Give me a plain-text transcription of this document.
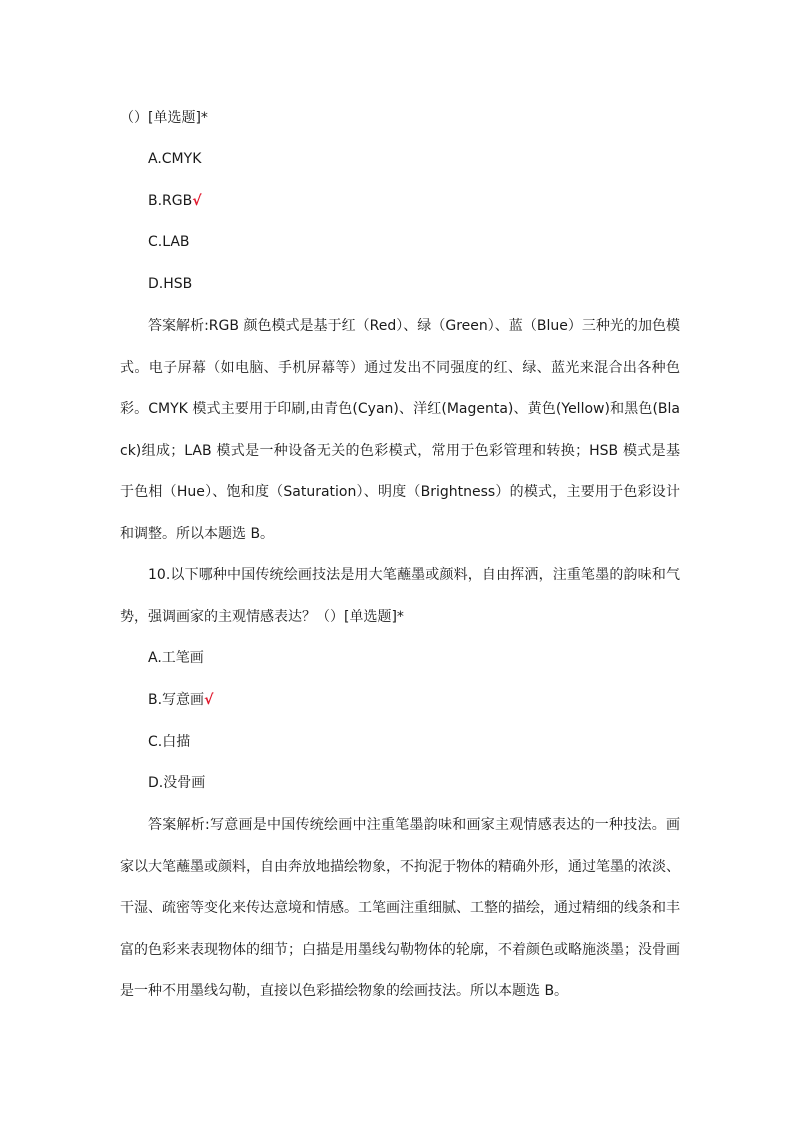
（）[单选题]*
A.CMYK
B.RGB√
C.LAB
D.HSB
答案解析:RGB 颜色模式是基于红（Red）、绿（Green）、蓝（Blue）三种光的加色模式。电子屏幕（如电脑、手机屏幕等）通过发出不同强度的红、绿、蓝光来混合出各种色彩。CMYK 模式主要用于印刷,由青色(Cyan)、洋红(Magenta)、黄色(Yellow)和黑色(Black)组成；LAB 模式是一种设备无关的色彩模式，常用于色彩管理和转换；HSB 模式是基于色相（Hue）、饱和度（Saturation）、明度（Brightness）的模式，主要用于色彩设计和调整。所以本题选 B。
10.以下哪种中国传统绘画技法是用大笔蘸墨或颜料，自由挥洒，注重笔墨的韵味和气势，强调画家的主观情感表达？（）[单选题]*
A.工笔画
B.写意画√
C.白描
D.没骨画
答案解析:写意画是中国传统绘画中注重笔墨韵味和画家主观情感表达的一种技法。画家以大笔蘸墨或颜料，自由奔放地描绘物象，不拘泥于物体的精确外形，通过笔墨的浓淡、干湿、疏密等变化来传达意境和情感。工笔画注重细腻、工整的描绘，通过精细的线条和丰富的色彩来表现物体的细节；白描是用墨线勾勒物体的轮廓，不着颜色或略施淡墨；没骨画是一种不用墨线勾勒，直接以色彩描绘物象的绘画技法。所以本题选 B。
